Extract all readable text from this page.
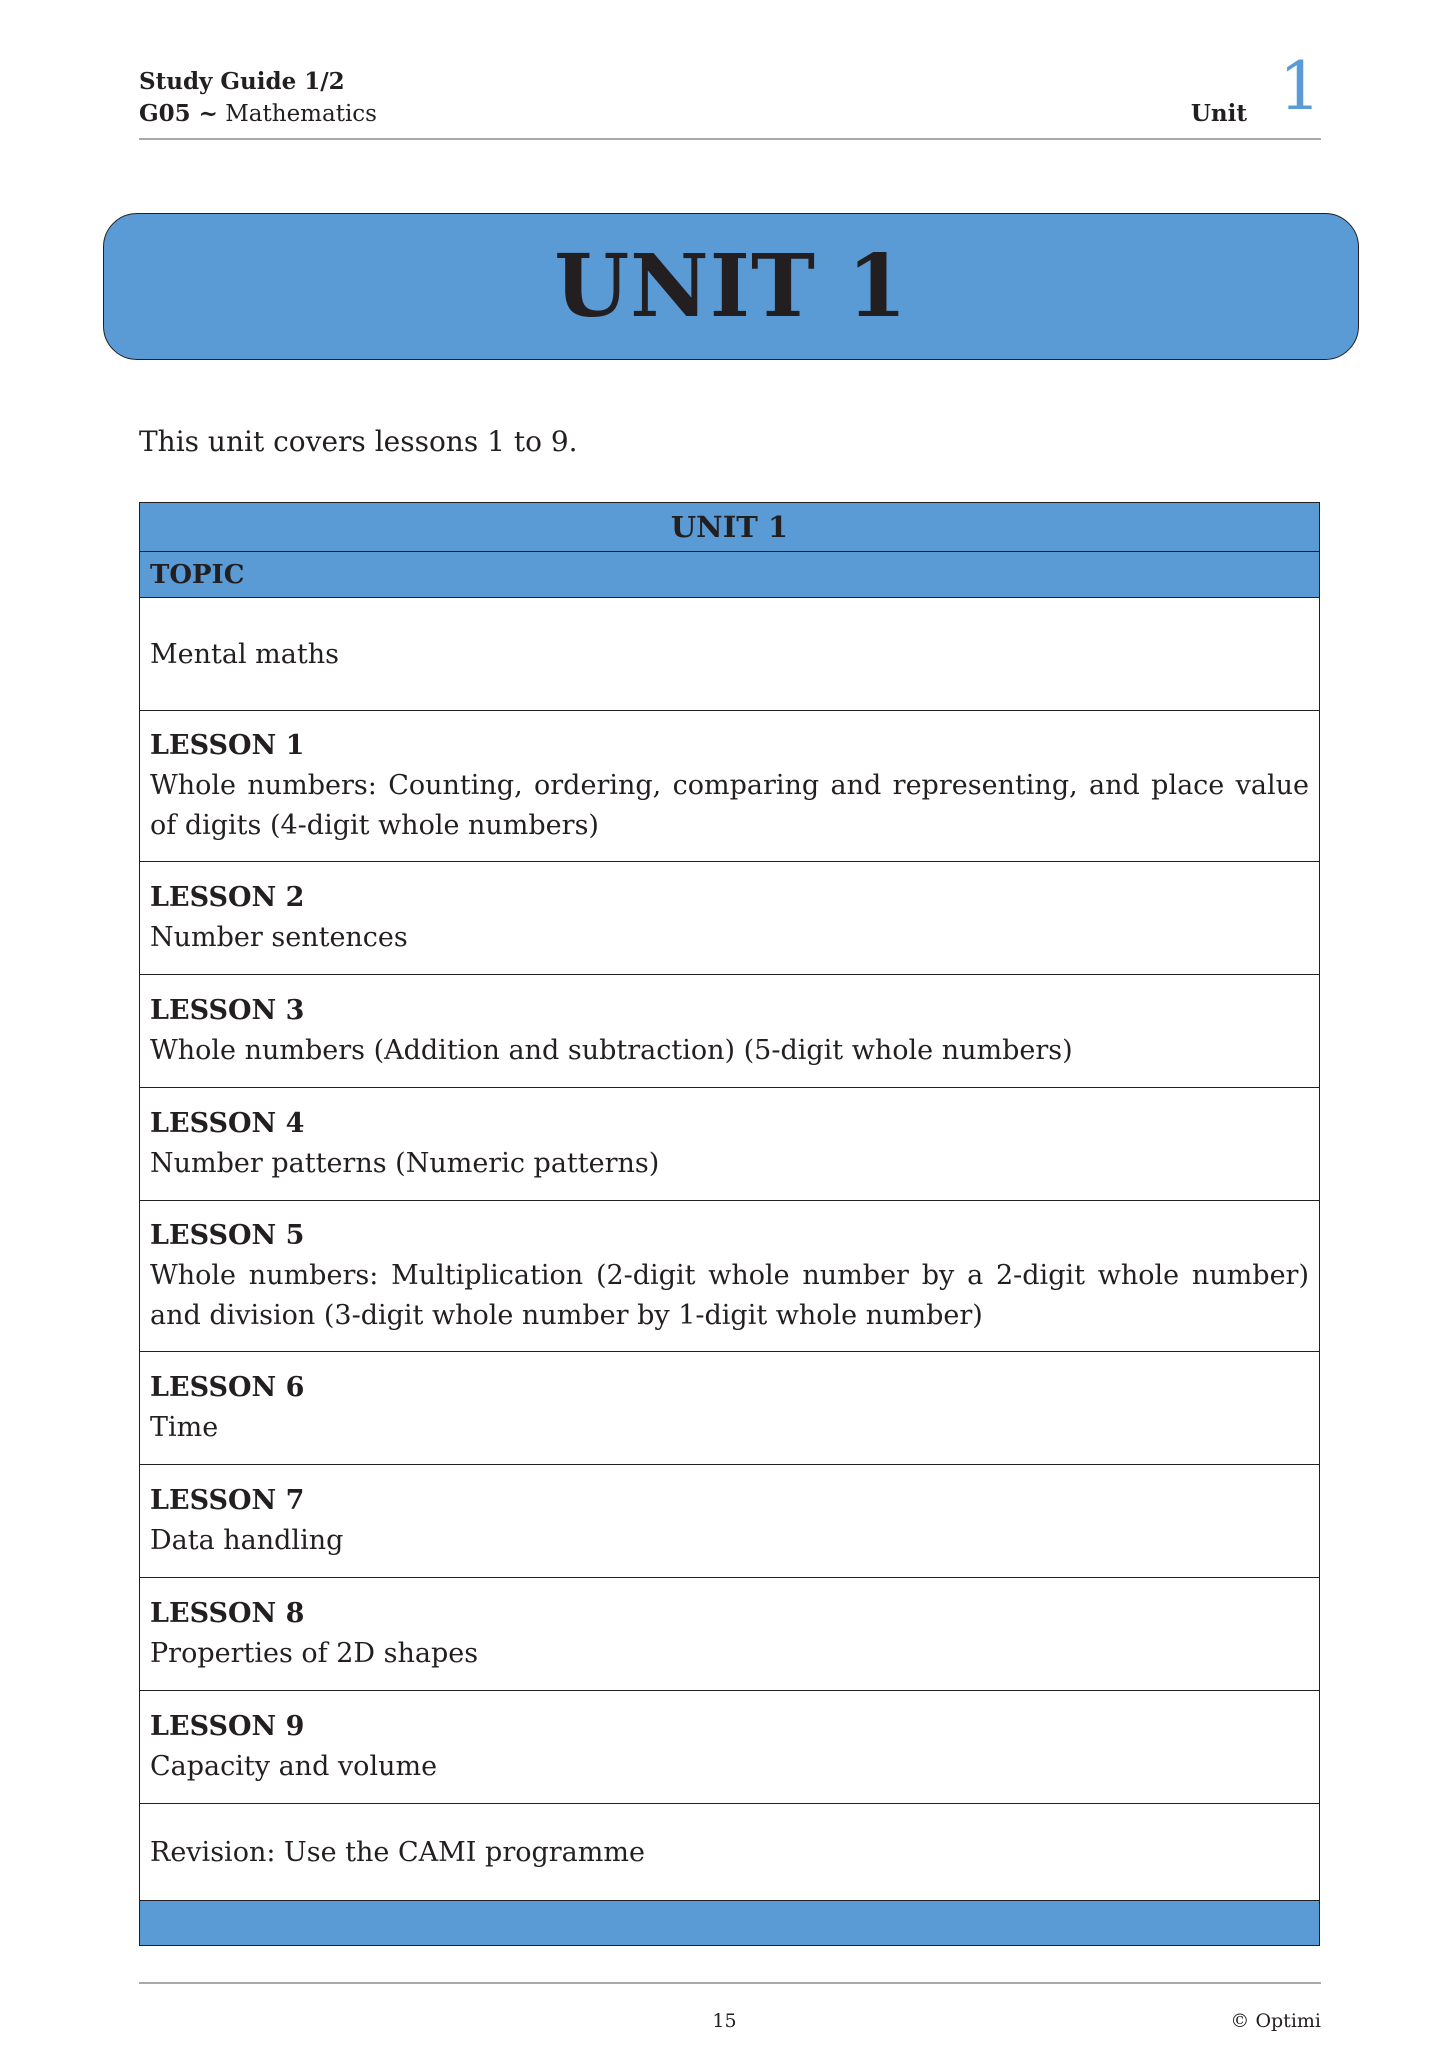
Study Guide 1/2
G05 ~ Mathematics	Unit 1
UNIT 1
This unit covers lessons 1 to 9.
UNIT 1
TOPIC
Mental maths

LESSON 1
Whole numbers: Counting, ordering, comparing and representing, and place value of digits (4-digit whole numbers)

LESSON 2
Number sentences

LESSON 3
Whole numbers (Addition and subtraction) (5-digit whole numbers)

LESSON 4
Number patterns (Numeric patterns)

LESSON 5
Whole numbers: Multiplication (2-digit whole number by a 2-digit whole number) and division (3-digit whole number by 1-digit whole number)

LESSON 6
Time

LESSON 7
Data handling

LESSON 8
Properties of 2D shapes

LESSON 9
Capacity and volume

Revision: Use the CAMI programme

15	© Optimi
